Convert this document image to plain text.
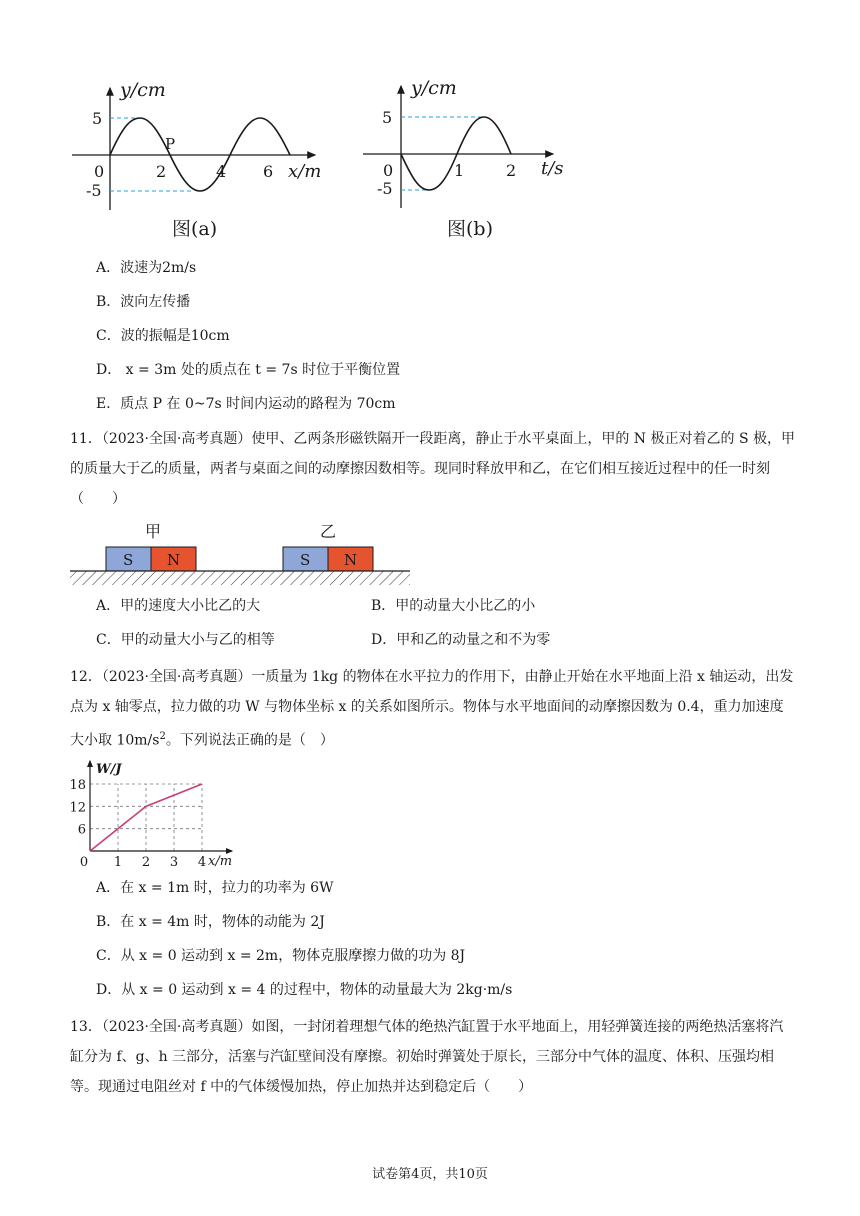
y/cm
5
-5
0	2	4 6
P
x/m
图(a)
y/cm
5
-5
0	1	2 t/s
图(b)
A．波速为2m/s
B．波向左传播
C．波的振幅是10cm
D． x = 3m 处的质点在 t = 7s 时位于平衡位置
E．质点 P 在 0~7s 时间内运动的路程为 70cm
11．（2023·全国·高考真题）使甲、乙两条形磁铁隔开一段距离，静止于水平桌面上，甲的 N 极正对着乙的 S 极，甲的质量大于乙的质量，两者与桌面之间的动摩擦因数相等。现同时释放甲和乙，在它们相互接近过程中的任一时刻（　　）
甲	乙
S N	S N
A．甲的速度大小比乙的大	B．甲的动量大小比乙的小
C．甲的动量大小与乙的相等	D．甲和乙的动量之和不为零
12．（2023·全国·高考真题）一质量为 1kg 的物体在水平拉力的作用下，由静止开始在水平地面上沿 x 轴运动，出发点为 x 轴零点，拉力做的功 W 与物体坐标 x 的关系如图所示。物体与水平地面间的动摩擦因数为 0.4，重力加速度大小取 $10m/s^2$。下列说法正确的是（　）
W/J
x/m
6
12
18
0 1 2 3 4
A．在 x = 1m 时，拉力的功率为 6W
B．在 x = 4m 时，物体的动能为 2J
C．从 x = 0 运动到 x = 2m，物体克服摩擦力做的功为 8J
D．从 x = 0 运动到 x = 4 的过程中，物体的动量最大为 2kg·m/s
13．（2023·全国·高考真题）如图，一封闭着理想气体的绝热汽缸置于水平地面上，用轻弹簧连接的两绝热活塞将汽缸分为 f、g、h 三部分，活塞与汽缸壁间没有摩擦。初始时弹簧处于原长，三部分中气体的温度、体积、压强均相等。现通过电阻丝对 f 中的气体缓慢加热，停止加热并达到稳定后（　　）
试卷第4页，共10页
